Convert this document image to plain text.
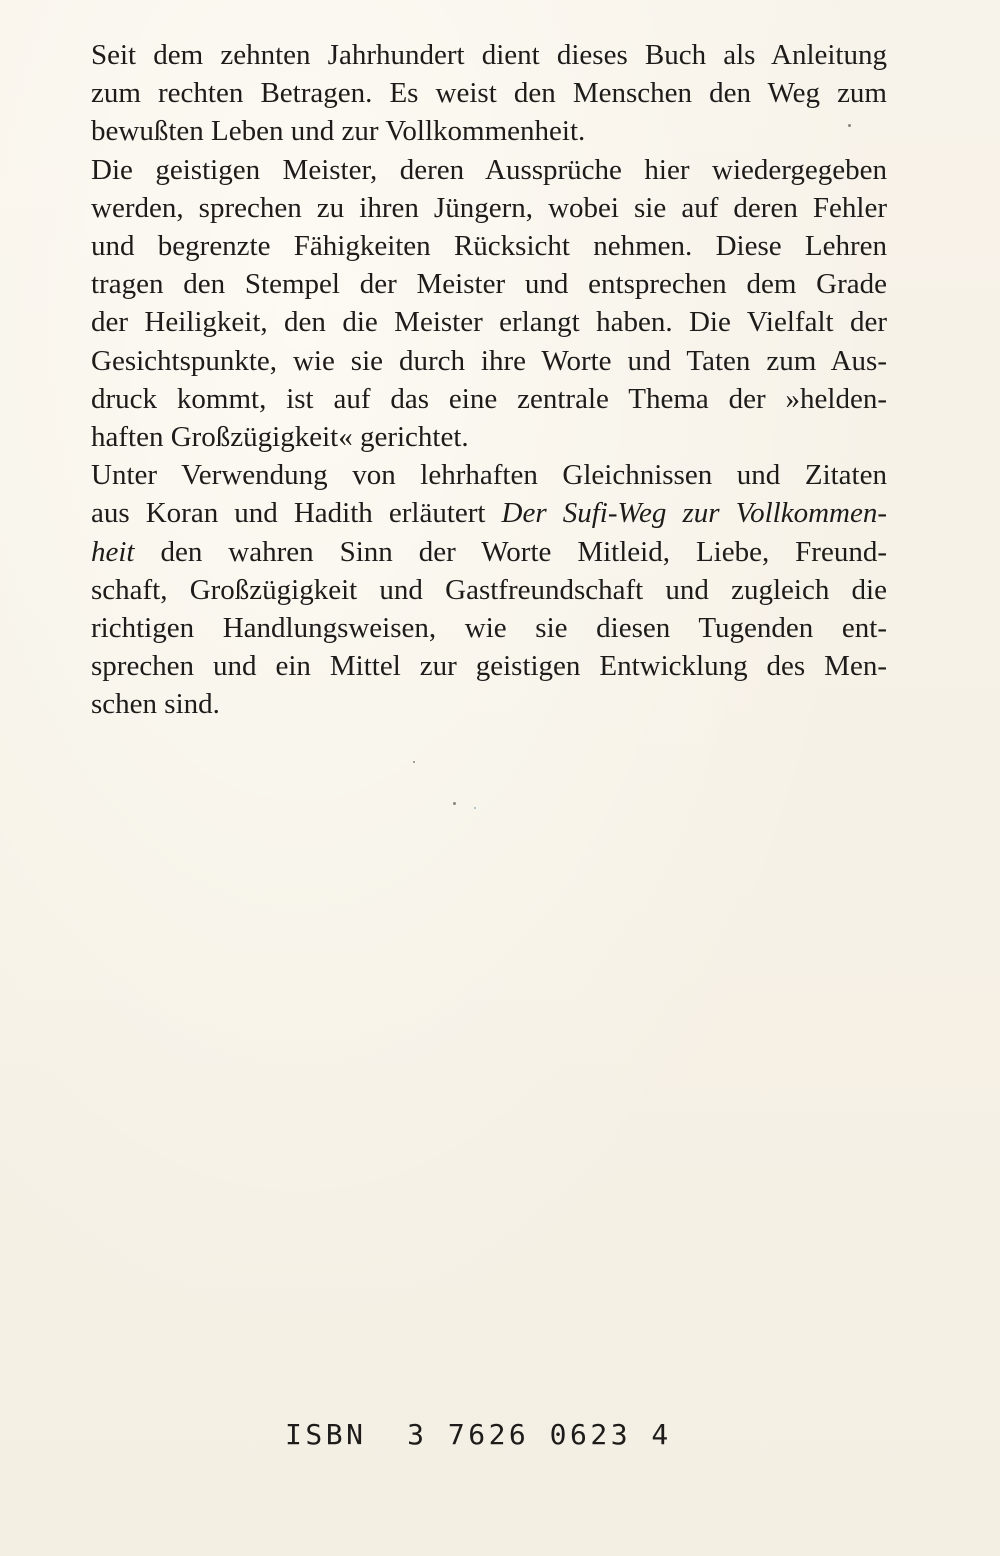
Seit dem zehnten Jahrhundert dient dieses Buch als Anleitung
zum rechten Betragen. Es weist den Menschen den Weg zum
bewußten Leben und zur Vollkommenheit.
Die geistigen Meister, deren Aussprüche hier wiedergegeben
werden, sprechen zu ihren Jüngern, wobei sie auf deren Fehler
und begrenzte Fähigkeiten Rücksicht nehmen. Diese Lehren
tragen den Stempel der Meister und entsprechen dem Grade
der Heiligkeit, den die Meister erlangt haben. Die Vielfalt der
Gesichtspunkte, wie sie durch ihre Worte und Taten zum Aus-
druck kommt, ist auf das eine zentrale Thema der »helden-
haften Großzügigkeit« gerichtet.
Unter Verwendung von lehrhaften Gleichnissen und Zitaten
aus Koran und Hadith erläutert Der Sufi-Weg zur Vollkommen-
heit den wahren Sinn der Worte Mitleid, Liebe, Freund-
schaft, Großzügigkeit und Gastfreundschaft und zugleich die
richtigen Handlungsweisen, wie sie diesen Tugenden ent-
sprechen und ein Mittel zur geistigen Entwicklung des Men-
schen sind.
ISBN  3 7626 0623 4
